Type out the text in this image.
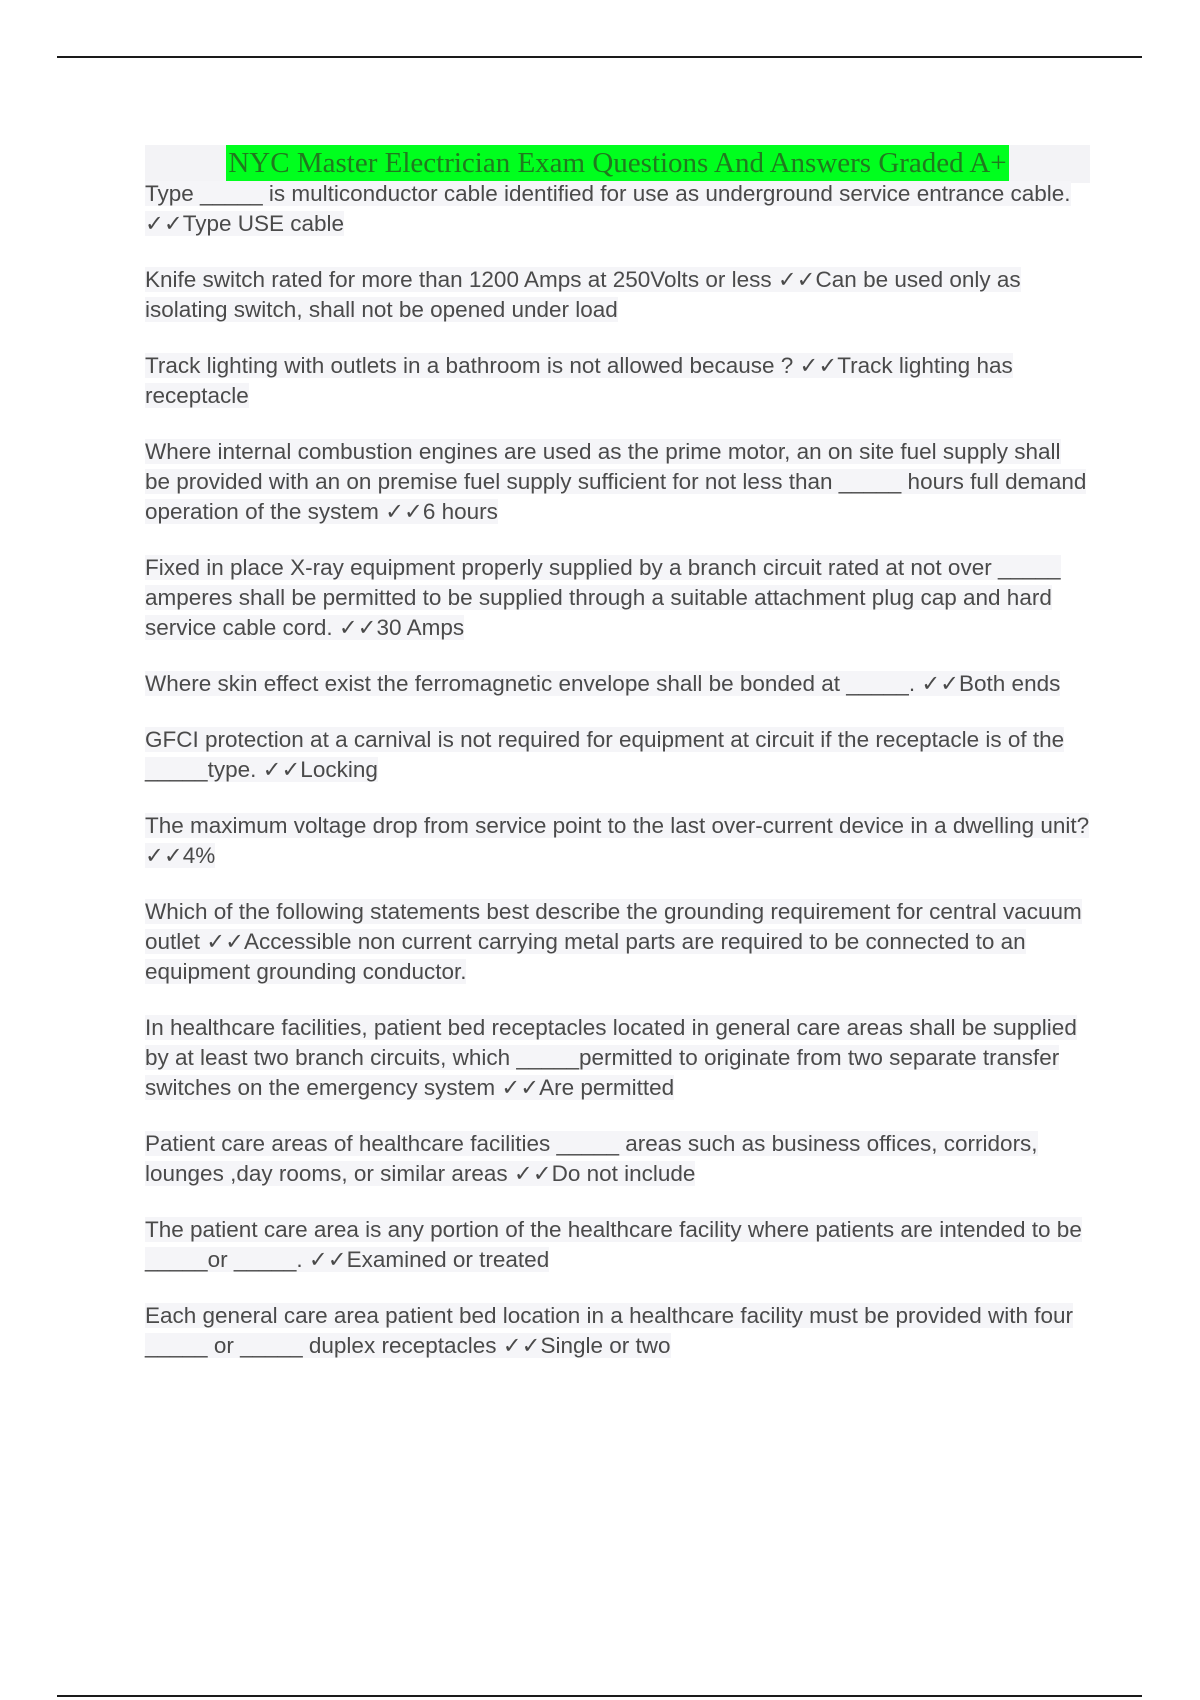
NYC Master Electrician Exam Questions And Answers Graded A+

Type _____ is multiconductor cable identified for use as underground service entrance cable. ✓✓Type USE cable

Knife switch rated for more than 1200 Amps at 250Volts or less ✓✓Can be used only as isolating switch, shall not be opened under load

Track lighting with outlets in a bathroom is not allowed because ? ✓✓Track lighting has receptacle

Where internal combustion engines are used as the prime motor, an on site fuel supply shall be provided with an on premise fuel supply sufficient for not less than _____ hours full demand operation of the system ✓✓6 hours

Fixed in place X-ray equipment properly supplied by a branch circuit rated at not over _____ amperes shall be permitted to be supplied through a suitable attachment plug cap and hard service cable cord. ✓✓30 Amps

Where skin effect exist the ferromagnetic envelope shall be bonded at _____. ✓✓Both ends

GFCI protection at a carnival is not required for equipment at circuit if the receptacle is of the _____type. ✓✓Locking

The maximum voltage drop from service point to the last over-current device in a dwelling unit? ✓✓4%

Which of the following statements best describe the grounding requirement for central vacuum outlet ✓✓Accessible non current carrying metal parts are required to be connected to an equipment grounding conductor.

In healthcare facilities, patient bed receptacles located in general care areas shall be supplied by at least two branch circuits, which _____permitted to originate from two separate transfer switches on the emergency system ✓✓Are permitted

Patient care areas of healthcare facilities _____ areas such as business offices, corridors, lounges ,day rooms, or similar areas ✓✓Do not include

The patient care area is any portion of the healthcare facility where patients are intended to be _____or _____. ✓✓Examined or treated

Each general care area patient bed location in a healthcare facility must be provided with four _____ or _____ duplex receptacles ✓✓Single or two
